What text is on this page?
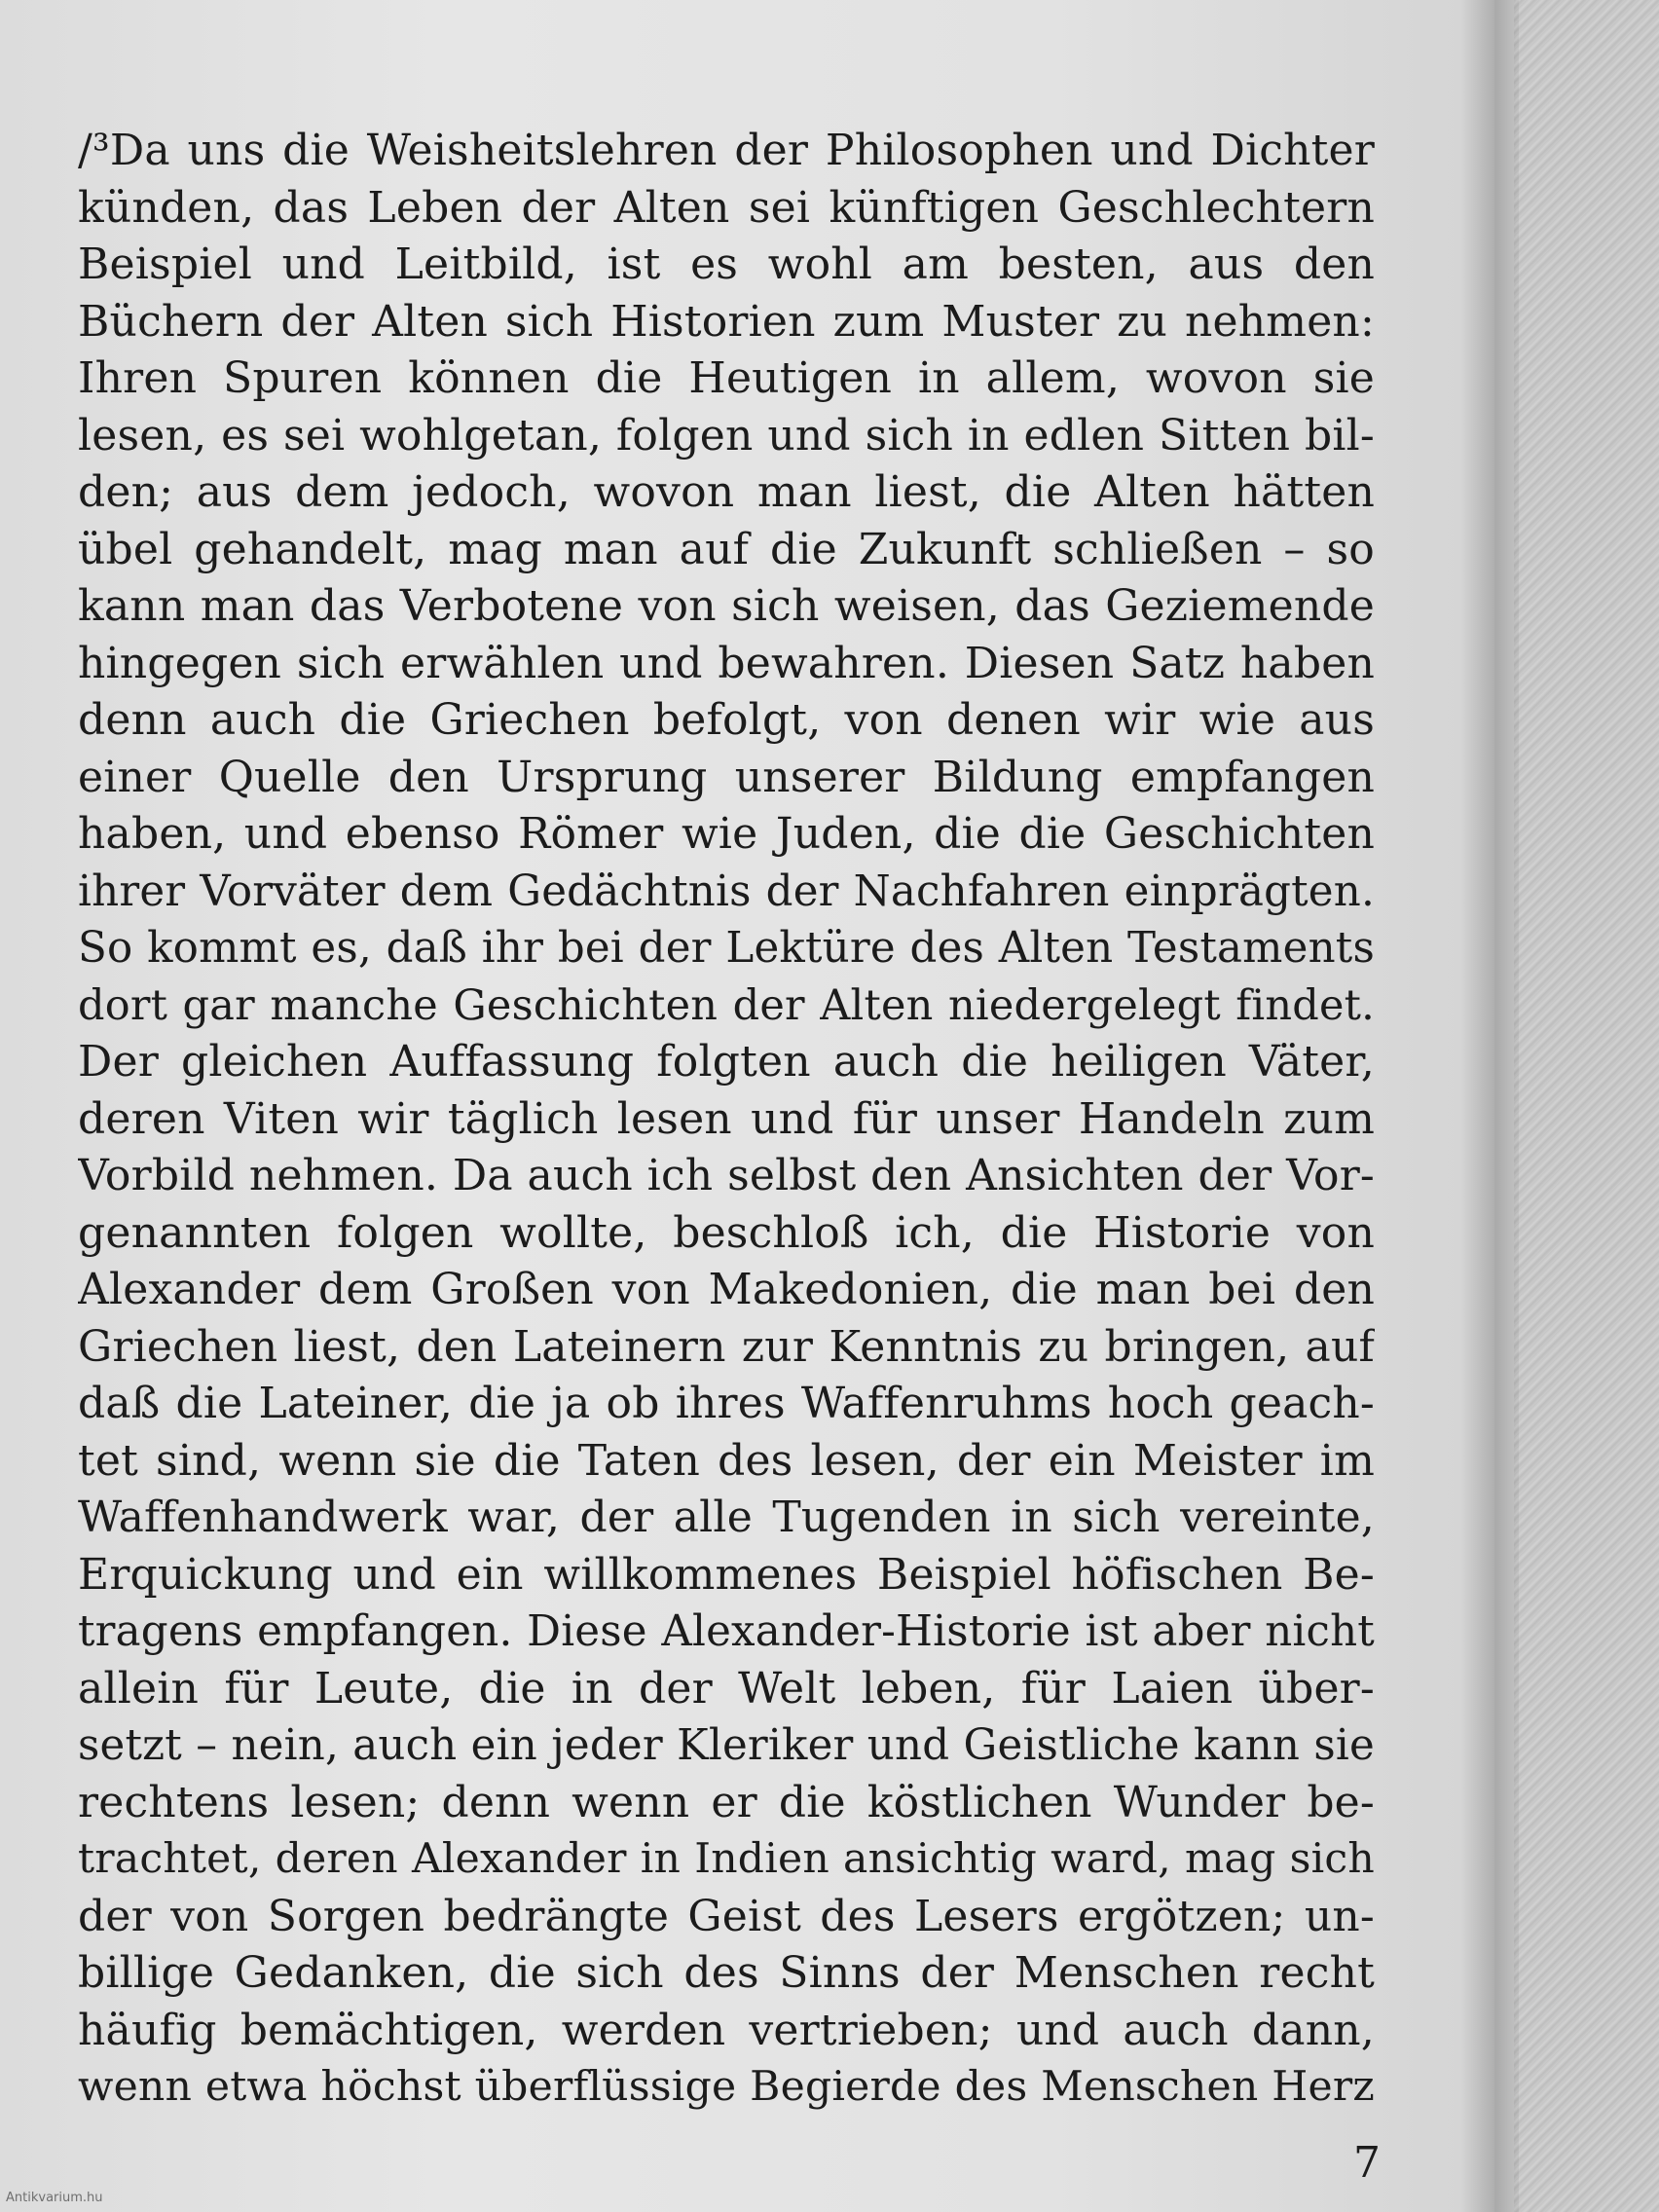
/³Da uns die Weisheitslehren der Philosophen und Dichter
künden, das Leben der Alten sei künftigen Geschlechtern
Beispiel und Leitbild, ist es wohl am besten, aus den
Büchern der Alten sich Historien zum Muster zu nehmen:
Ihren Spuren können die Heutigen in allem, wovon sie
lesen, es sei wohlgetan, folgen und sich in edlen Sitten bil-
den; aus dem jedoch, wovon man liest, die Alten hätten
übel gehandelt, mag man auf die Zukunft schließen – so
kann man das Verbotene von sich weisen, das Geziemende
hingegen sich erwählen und bewahren. Diesen Satz haben
denn auch die Griechen befolgt, von denen wir wie aus
einer Quelle den Ursprung unserer Bildung empfangen
haben, und ebenso Römer wie Juden, die die Geschichten
ihrer Vorväter dem Gedächtnis der Nachfahren einprägten.
So kommt es, daß ihr bei der Lektüre des Alten Testaments
dort gar manche Geschichten der Alten niedergelegt findet.
Der gleichen Auffassung folgten auch die heiligen Väter,
deren Viten wir täglich lesen und für unser Handeln zum
Vorbild nehmen. Da auch ich selbst den Ansichten der Vor-
genannten folgen wollte, beschloß ich, die Historie von
Alexander dem Großen von Makedonien, die man bei den
Griechen liest, den Lateinern zur Kenntnis zu bringen, auf
daß die Lateiner, die ja ob ihres Waffenruhms hoch geach-
tet sind, wenn sie die Taten des lesen, der ein Meister im
Waffenhandwerk war, der alle Tugenden in sich vereinte,
Erquickung und ein willkommenes Beispiel höfischen Be-
tragens empfangen. Diese Alexander-Historie ist aber nicht
allein für Leute, die in der Welt leben, für Laien über-
setzt – nein, auch ein jeder Kleriker und Geistliche kann sie
rechtens lesen; denn wenn er die köstlichen Wunder be-
trachtet, deren Alexander in Indien ansichtig ward, mag sich
der von Sorgen bedrängte Geist des Lesers ergötzen; un-
billige Gedanken, die sich des Sinns der Menschen recht
häufig bemächtigen, werden vertrieben; und auch dann,
wenn etwa höchst überflüssige Begierde des Menschen Herz
7
Antikvarium.hu
